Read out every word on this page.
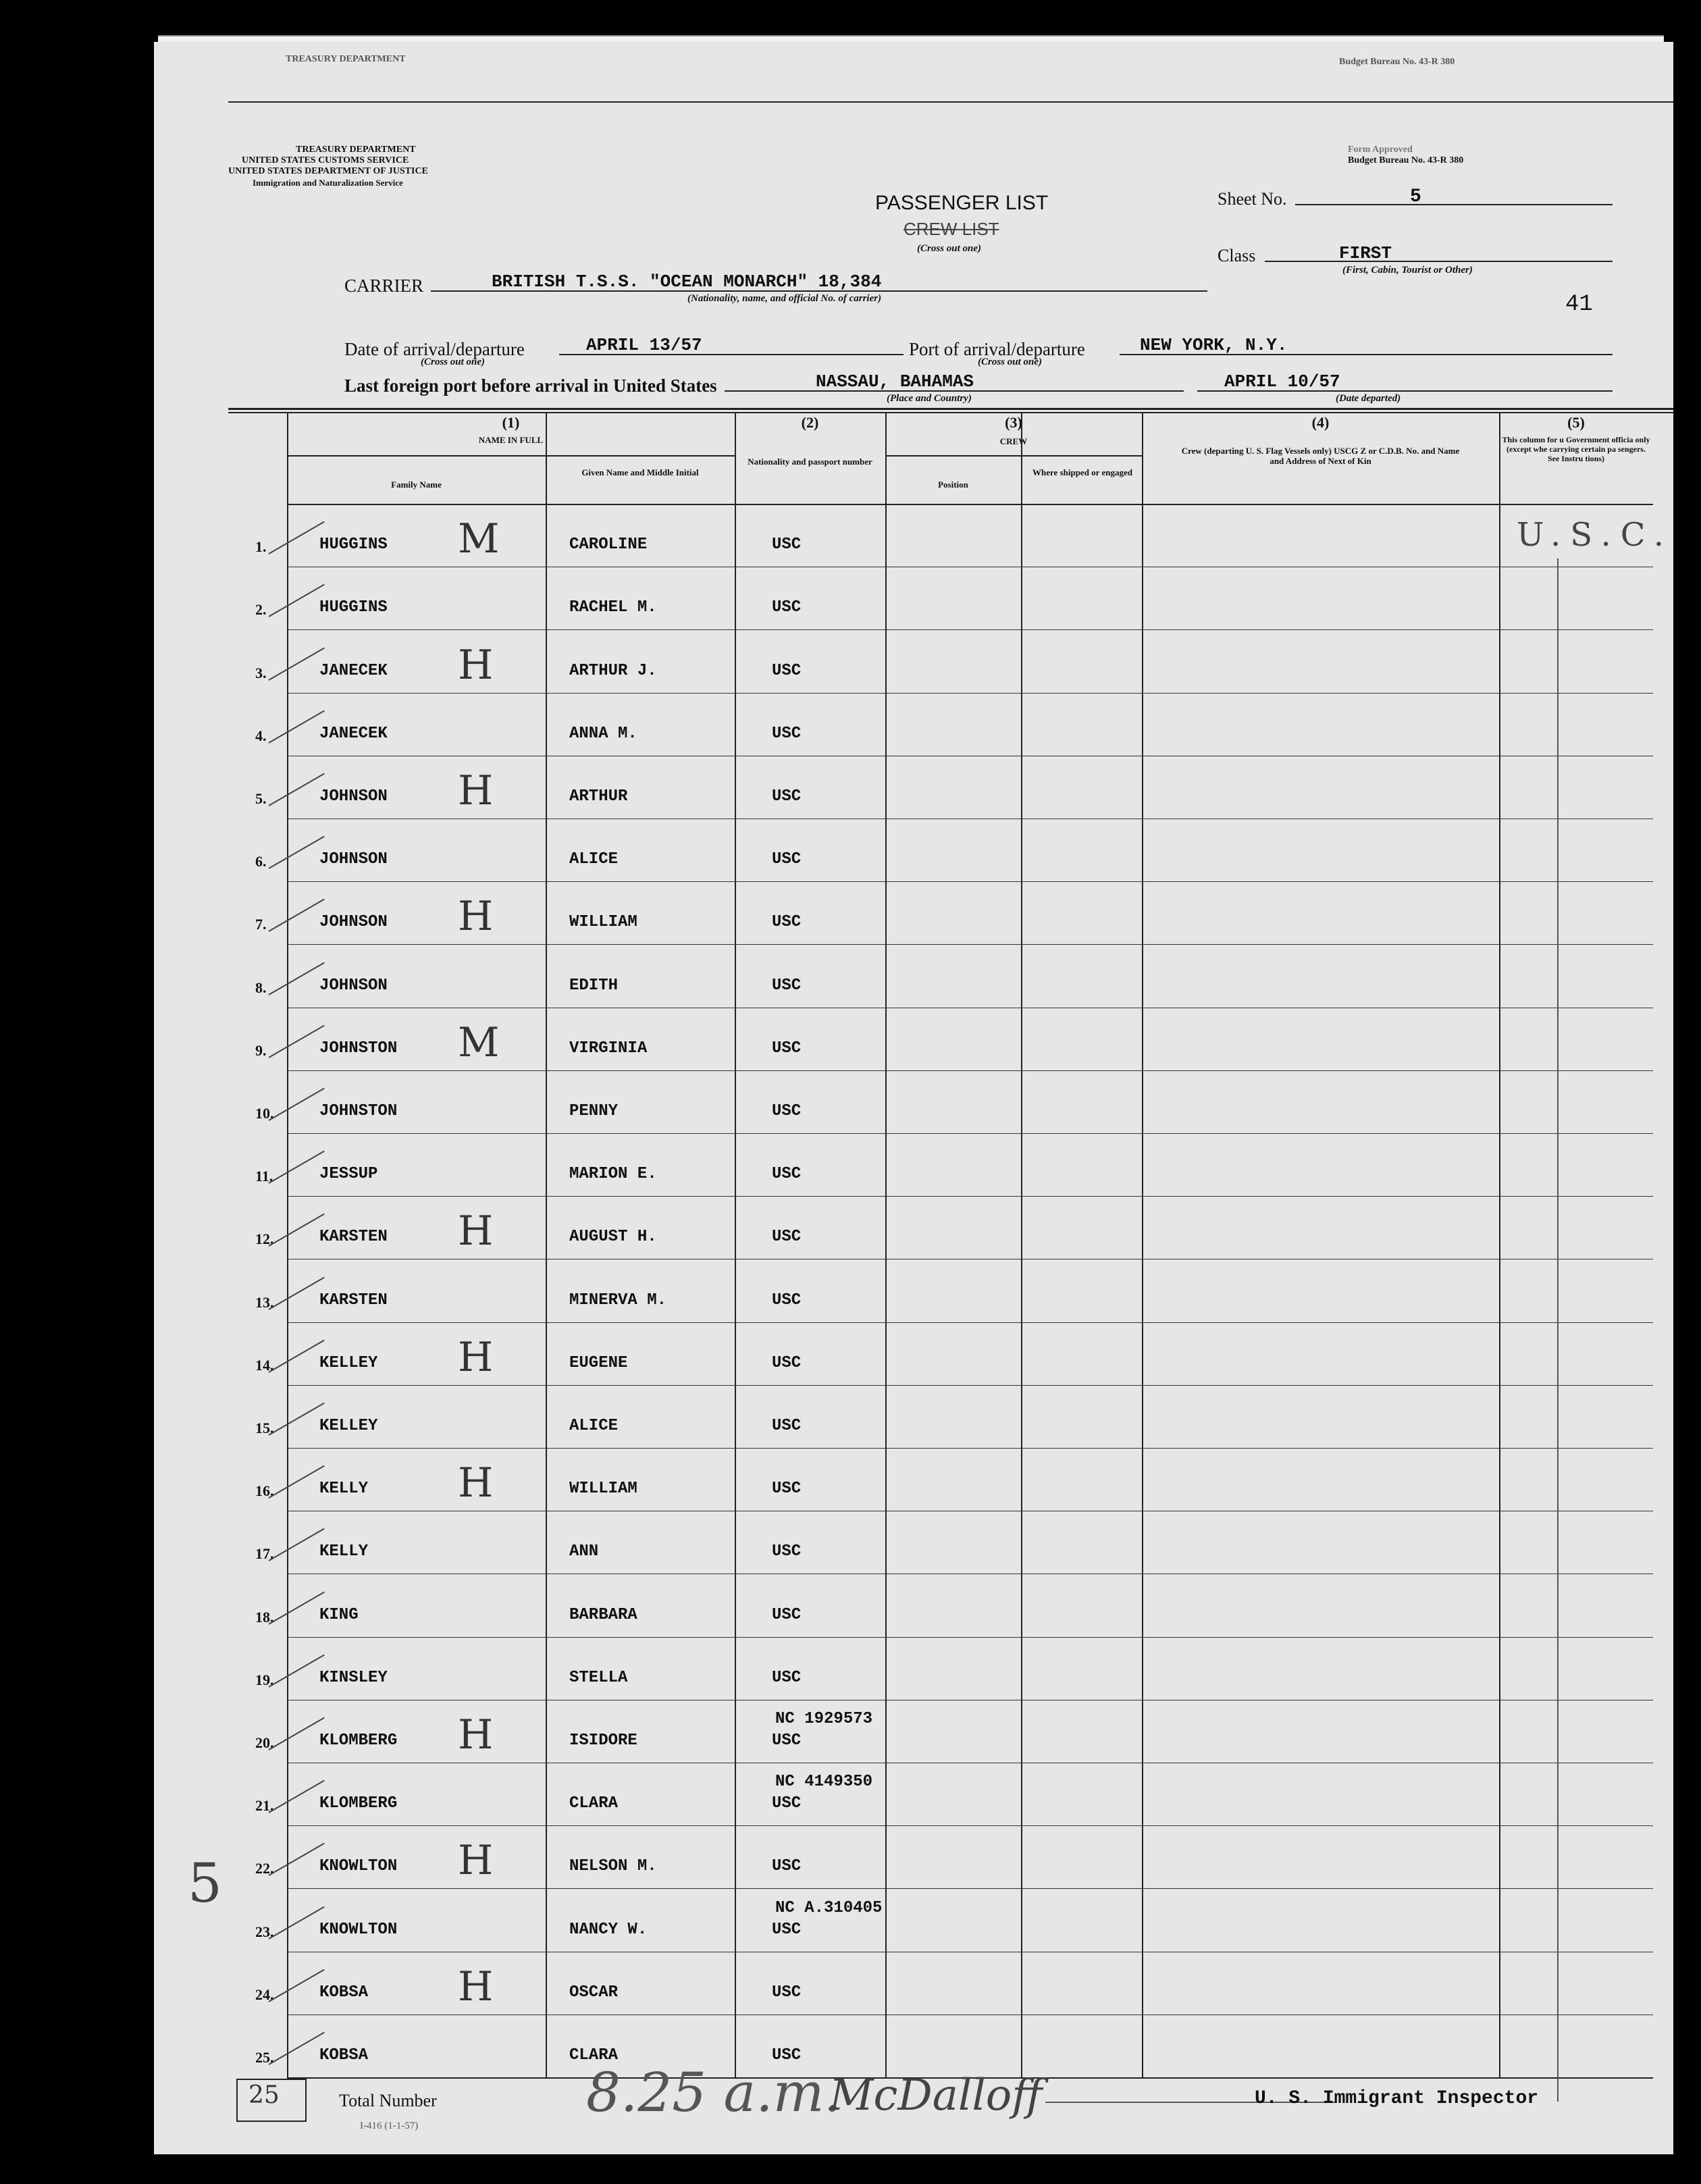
TREASURY DEPARTMENT	Budget Bureau No. 43-R 380
TREASURY DEPARTMENT
UNITED STATES CUSTOMS SERVICE
UNITED STATES DEPARTMENT OF JUSTICE
Immigration and Naturalization Service
Form Approved
Budget Bureau No. 43-R 380
PASSENGER LIST
CREW LIST
(Cross out one)
Sheet No.	5
Class	FIRST
(First, Cabin, Tourist or Other)
41
CARRIER	BRITISH T.S.S. "OCEAN MONARCH" 18,384
(Nationality, name, and official No. of carrier)
Date of arrival/departure	APRIL 13/57
(Cross out one)
Port of arrival/departure	NEW YORK, N.Y.
(Cross out one)
Last foreign port before arrival in United States	NASSAU, BAHAMAS
(Place and Country)
APRIL 10/57
(Date departed)
(1)
NAME IN FULL
Family Name
Given Name and Middle Initial
(2)
Nationality and passport number
(3)
CREW
Position
Where shipped or engaged
(4)
Crew (departing U. S. Flag Vessels only) USCG Z or C.D.B. No. and Name and Address of Next of Kin
(5)
This column for u Government officia only (except whe carrying certain pa sengers. See Instru tions)
1.	HUGGINS	CAROLINE	USC
M
2.	HUGGINS	RACHEL M.	USC
3.	JANECEK	ARTHUR J.	USC
H
4.	JANECEK	ANNA M.	USC
5.	JOHNSON	ARTHUR	USC
H
6.	JOHNSON	ALICE	USC
7.	JOHNSON	WILLIAM	USC
H
8.	JOHNSON	EDITH	USC
9.	JOHNSTON	VIRGINIA	USC
M
10.	JOHNSTON	PENNY	USC
11.	JESSUP	MARION E.	USC
12.	KARSTEN	AUGUST H.	USC
H
13.	KARSTEN	MINERVA M.	USC
14.	KELLEY	EUGENE	USC
H
15.	KELLEY	ALICE	USC
16.	KELLY	WILLIAM	USC
H
17.	KELLY	ANN	USC
18.	KING	BARBARA	USC
19.	KINSLEY	STELLA	USC
20.	KLOMBERG	ISIDORE	USC
NC 1929573
H
21.	KLOMBERG	CLARA	USC
NC 4149350
22.	KNOWLTON	NELSON M.	USC
H
23.	KNOWLTON	NANCY W.	USC
NC A.310405
24.	KOBSA	OSCAR	USC
H
25.	KOBSA	CLARA	USC
25	Total Number
I-416 (1-1-57)
8.25 a.m.
McDalloff	U. S. Immigrant Inspector
5
U.S.C.
